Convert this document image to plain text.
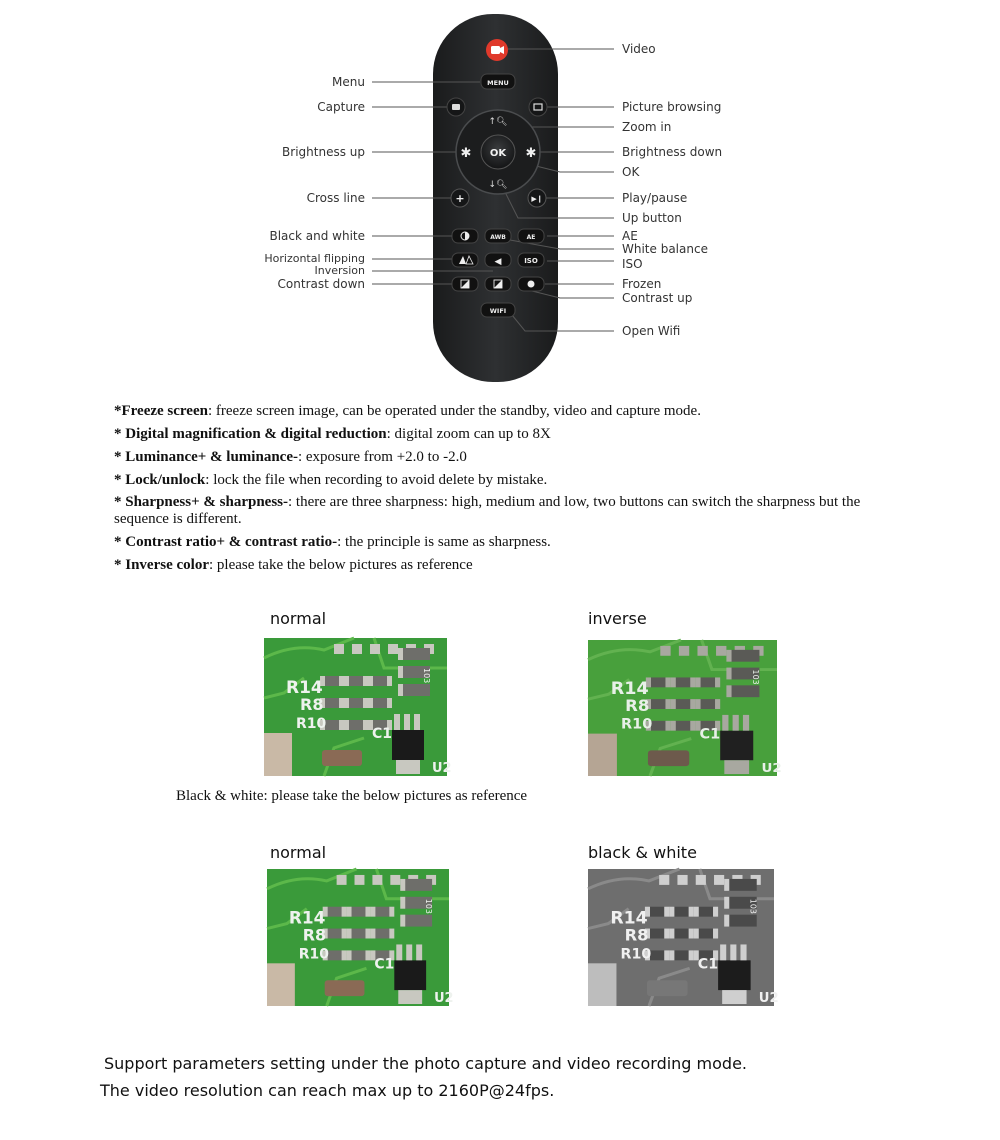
MENU
↑🔍︎
↓🔍︎
✱	✱
OK
+	▶❙
AWB	AE
◀	ISO
WIFI
Menu
Capture
Brightness up
Cross line
Black and white
Horizontal flipping
Inversion
Contrast down
Video
Picture browsing
Zoom in
Brightness down
OK
Play/pause
Up button
AE
White balance
ISO
Frozen
Contrast up
Open Wifi
*Freeze screen: freeze screen image, can be operated under the standby, video and capture mode.
* Digital magnification & digital reduction: digital zoom can up to 8X
* Luminance+ & luminance-: exposure from +2.0 to -2.0
* Lock/unlock: lock the file when recording to avoid delete by mistake.
* Sharpness+ & sharpness-: there are three sharpness: high, medium and low, two buttons can switch the sharpness but the sequence is different.
* Contrast ratio+ & contrast ratio-: the principle is same as sharpness.
* Inverse color: please take the below pictures as reference
normal	inverse
R14
R8
R10
C1
U2
103
R14
R8
R10
C1
U2
103
Black & white: please take the below pictures as reference
normal	black & white
R14
R8
R10
C1
U2
103
R14
R8
R10
C1
U2
103
Support parameters setting under the photo capture and video recording mode.
The video resolution can reach max up to 2160P@24fps.
